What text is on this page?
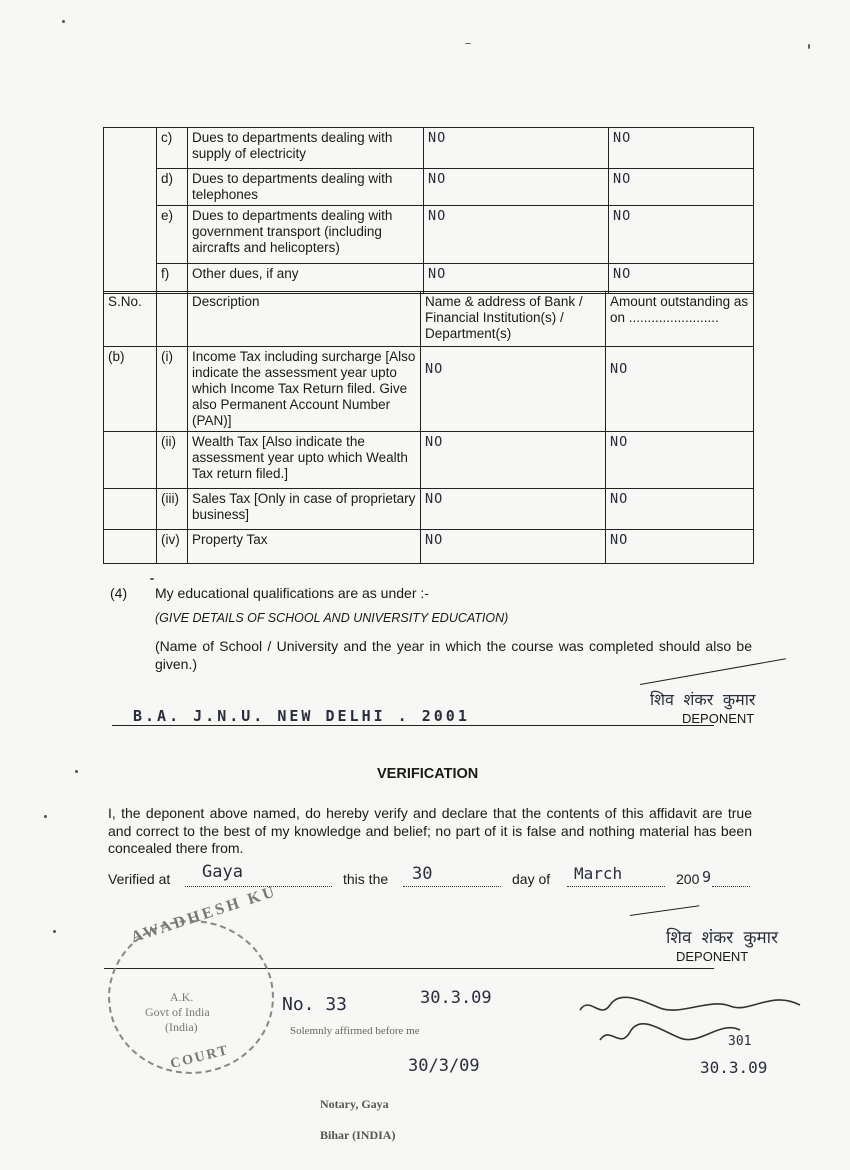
	c)	Dues to departments dealing with supply of electricity	NO	NO
	d)	Dues to departments dealing with telephones	NO	NO
	e)	Dues to departments dealing with government transport (including aircrafts and helicopters)	NO	NO
	f)	Other dues, if any	NO	NO
S.No.		Description	Name & address of Bank / Financial Institution(s) / Department(s)	Amount outstanding as on ........................
(b)	(i)	Income Tax including surcharge [Also indicate the assessment year upto which Income Tax Return filed. Give also Permanent Account Number (PAN)]	NO	NO
	(ii)	Wealth Tax [Also indicate the assessment year upto which Wealth Tax return filed.]	NO	NO
	(iii)	Sales Tax [Only in case of proprietary business]	NO	NO
	(iv)	Property Tax	NO	NO
(4) My educational qualifications are as under :-
(GIVE DETAILS OF SCHOOL AND UNIVERSITY EDUCATION)
(Name of School / University and the year in which the course was completed should also be given.)
शिव शंकर कुमार
B.A. J.N.U. NEW DELHI . 2001	DEPONENT
VERIFICATION
I, the deponent above named, do hereby verify and declare that the contents of this affidavit are true and correct to the best of my knowledge and belief; no part of it is false and nothing material has been concealed there from.
Verified at Gaya	this the 30	day of March	200 9
शिव शंकर कुमार
DEPONENT
AWADHESH KU
COURT
A.K.
Govt of India
(India)
No. 33	30.3.09
Solemnly affirmed before me
30/3/09
Notary, Gaya
Bihar (INDIA)
301
30.3.09
